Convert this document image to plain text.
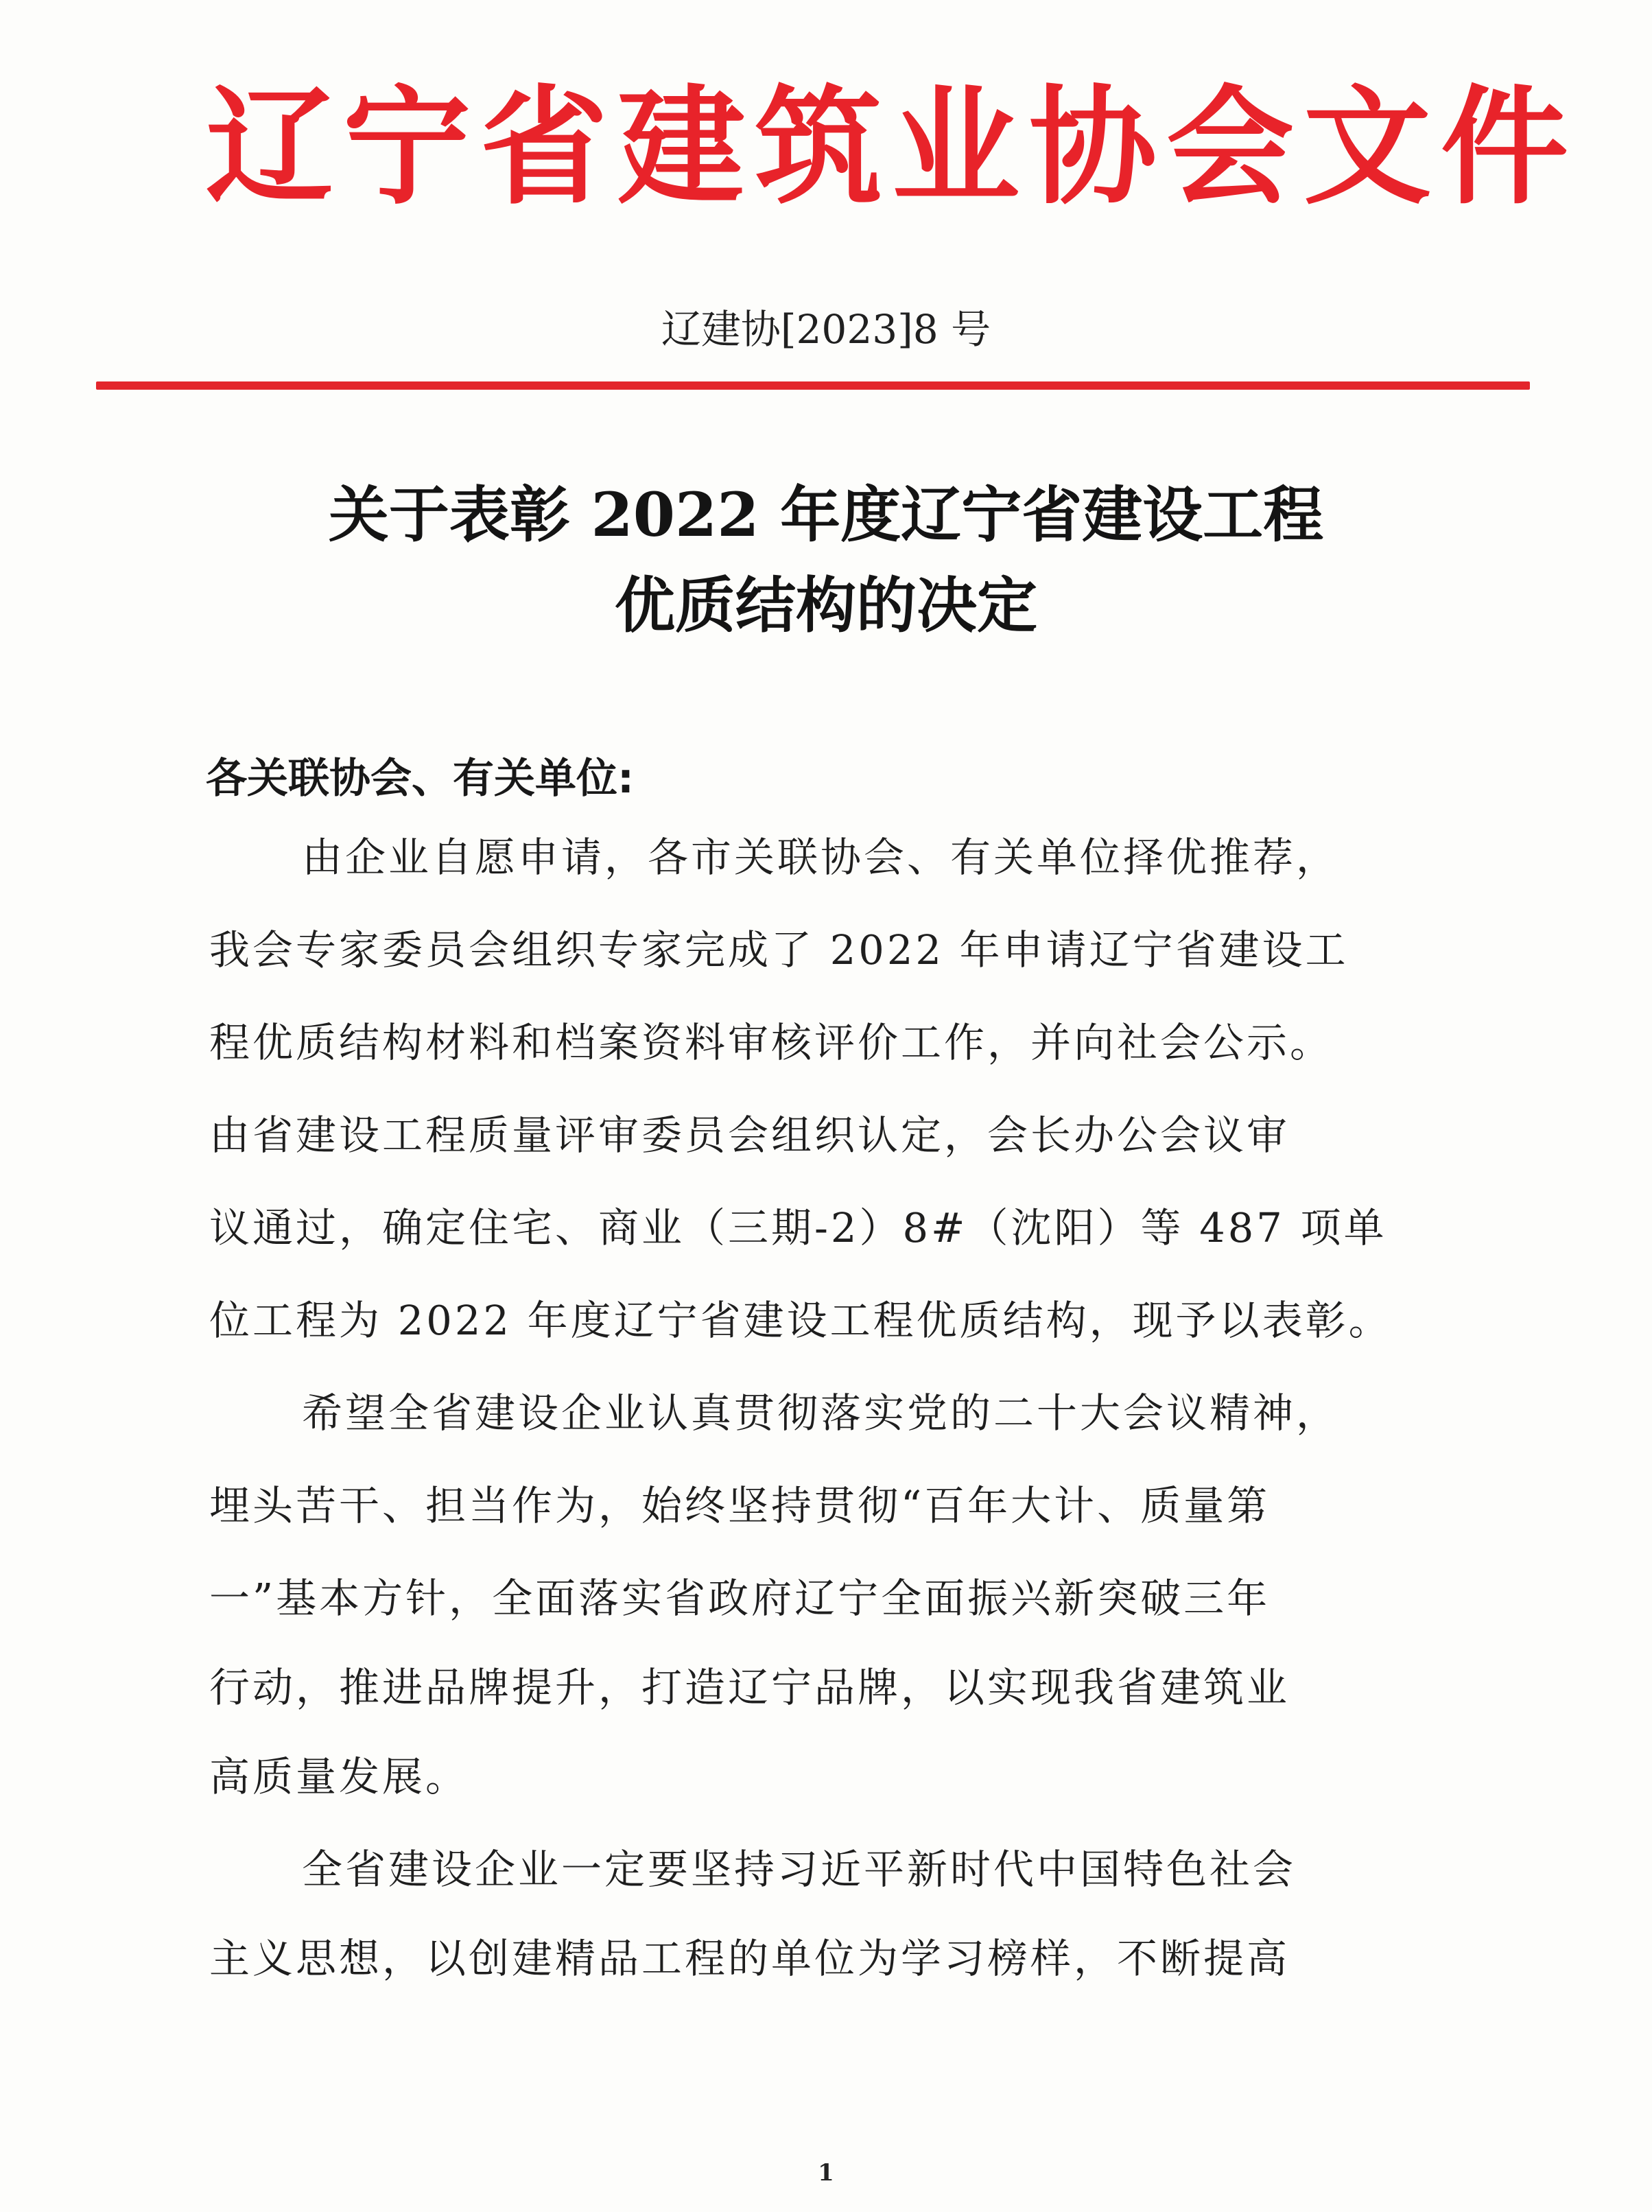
辽宁省建筑业协会文件
辽建协[2023]8 号
关于表彰 2022 年度辽宁省建设工程
优质结构的决定
各关联协会、有关单位:
由企业自愿申请，各市关联协会、有关单位择优推荐，
我会专家委员会组织专家完成了 2022 年申请辽宁省建设工
程优质结构材料和档案资料审核评价工作，并向社会公示。
由省建设工程质量评审委员会组织认定，会长办公会议审
议通过，确定住宅、商业（三期-2）8#（沈阳）等 487 项单
位工程为 2022 年度辽宁省建设工程优质结构，现予以表彰。
希望全省建设企业认真贯彻落实党的二十大会议精神，
埋头苦干、担当作为，始终坚持贯彻“百年大计、质量第
一”基本方针，全面落实省政府辽宁全面振兴新突破三年
行动，推进品牌提升，打造辽宁品牌，以实现我省建筑业
高质量发展。
全省建设企业一定要坚持习近平新时代中国特色社会
主义思想，以创建精品工程的单位为学习榜样，不断提高
1
